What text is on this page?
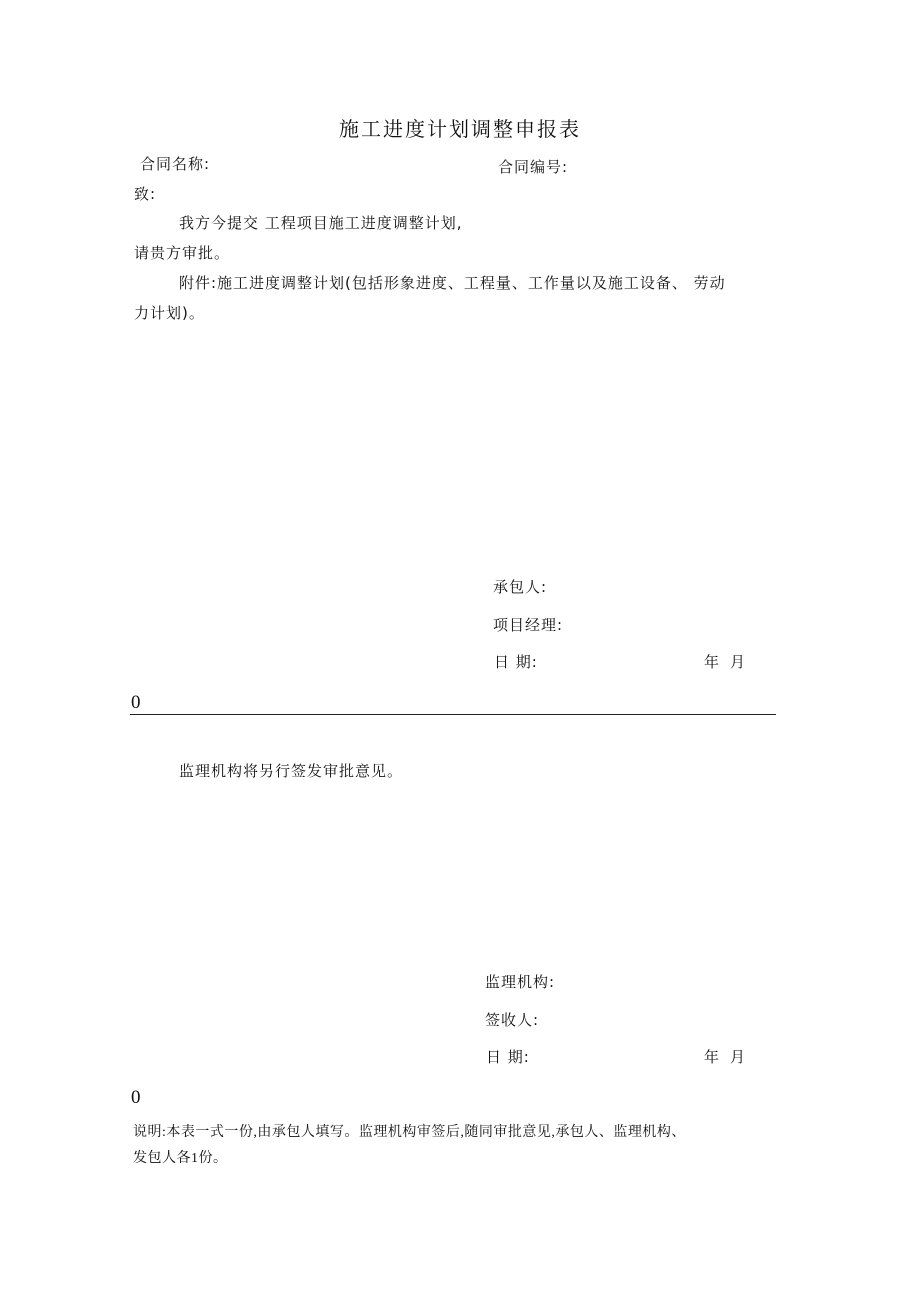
施工进度计划调整申报表
合同名称:	合同编号:
致:
我方今提交 工程项目施工进度调整计划,
请贵方审批。
附件:施工进度调整计划(包括形象进度、工程量、工作量以及施工设备、 劳动
力计划)。
承包人:
项目经理:
日 期:	年 月
0
监理机构将另行签发审批意见。
监理机构:
签收人:
日 期:	年 月
0
说明:本表一式一份,由承包人填写。监理机构审签后,随同审批意见,承包人、监理机构、
发包人各1份。
